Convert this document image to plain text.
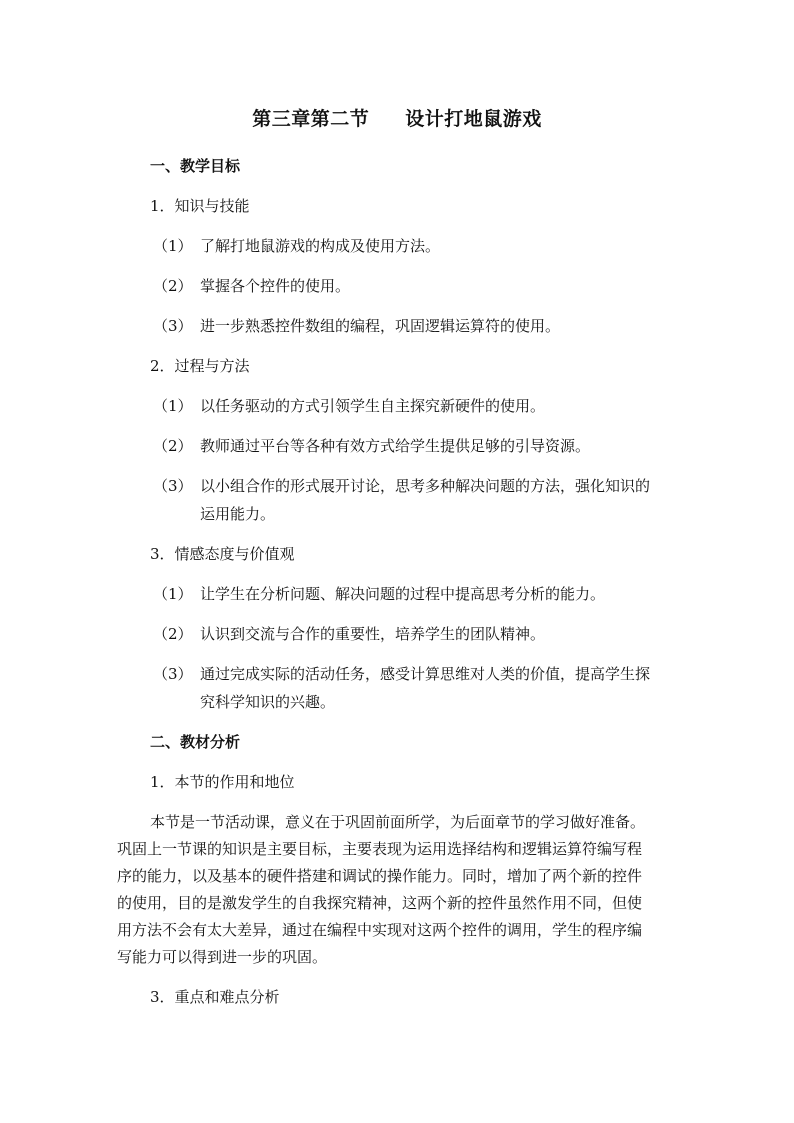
第三章第二节 设计打地鼠游戏
一、教学目标
1．知识与技能
（1） 了解打地鼠游戏的构成及使用方法。
（2） 掌握各个控件的使用。
（3） 进一步熟悉控件数组的编程，巩固逻辑运算符的使用。
2．过程与方法
（1） 以任务驱动的方式引领学生自主探究新硬件的使用。
（2） 教师通过平台等各种有效方式给学生提供足够的引导资源。
（3） 以小组合作的形式展开讨论，思考多种解决问题的方法，强化知识的
运用能力。
3．情感态度与价值观
（1） 让学生在分析问题、解决问题的过程中提高思考分析的能力。
（2） 认识到交流与合作的重要性，培养学生的团队精神。
（3） 通过完成实际的活动任务，感受计算思维对人类的价值，提高学生探
究科学知识的兴趣。
二、教材分析
1．本节的作用和地位
本节是一节活动课，意义在于巩固前面所学，为后面章节的学习做好准备。
巩固上一节课的知识是主要目标，主要表现为运用选择结构和逻辑运算符编写程
序的能力，以及基本的硬件搭建和调试的操作能力。同时，增加了两个新的控件
的使用，目的是激发学生的自我探究精神，这两个新的控件虽然作用不同，但使
用方法不会有太大差异，通过在编程中实现对这两个控件的调用，学生的程序编
写能力可以得到进一步的巩固。
3．重点和难点分析
